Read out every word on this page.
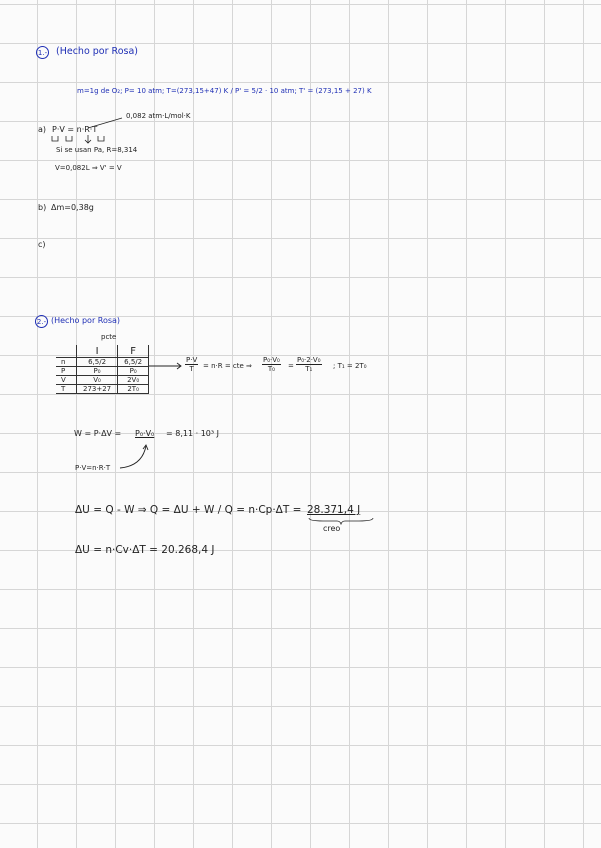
1.- (Hecho por Rosa)
m=1g de O₂; P= 10 atm; T=(273,15+47) K / P' = 5/2 · 10 atm; T' = (273,15 + 27) K
0,082 atm·L/mol·K
a) P·V = n·R·T
Si se usan Pa, R=8,314
V=0,082L ⇒ V' = V
b) Δm=0,38g
c)
2.- (Hecho por Rosa)
pcte
	I	F
n	6,5/2	6,5/2
P	P₀	P₀
V	V₀	2V₀
T	273+27	2T₀
$\frac{P\cdot V}{T} = n\cdot R$ = cte ⇒ $\frac{\text{P₀·V₀}}{\text{T₀}} = \frac{\text{P₀·2·V₀}}{\text{T₁}}$ ; T₁ = 2T₀
W = P·ΔV = P₀·V₀ = 8,11 · 10³ J
P·V=n·R·T
ΔU = Q - W ⇒ Q = ΔU + W / Q = n·Cp·ΔT = 28.371,4 J
creo
ΔU = n·Cv·ΔT = 20.268,4 J
